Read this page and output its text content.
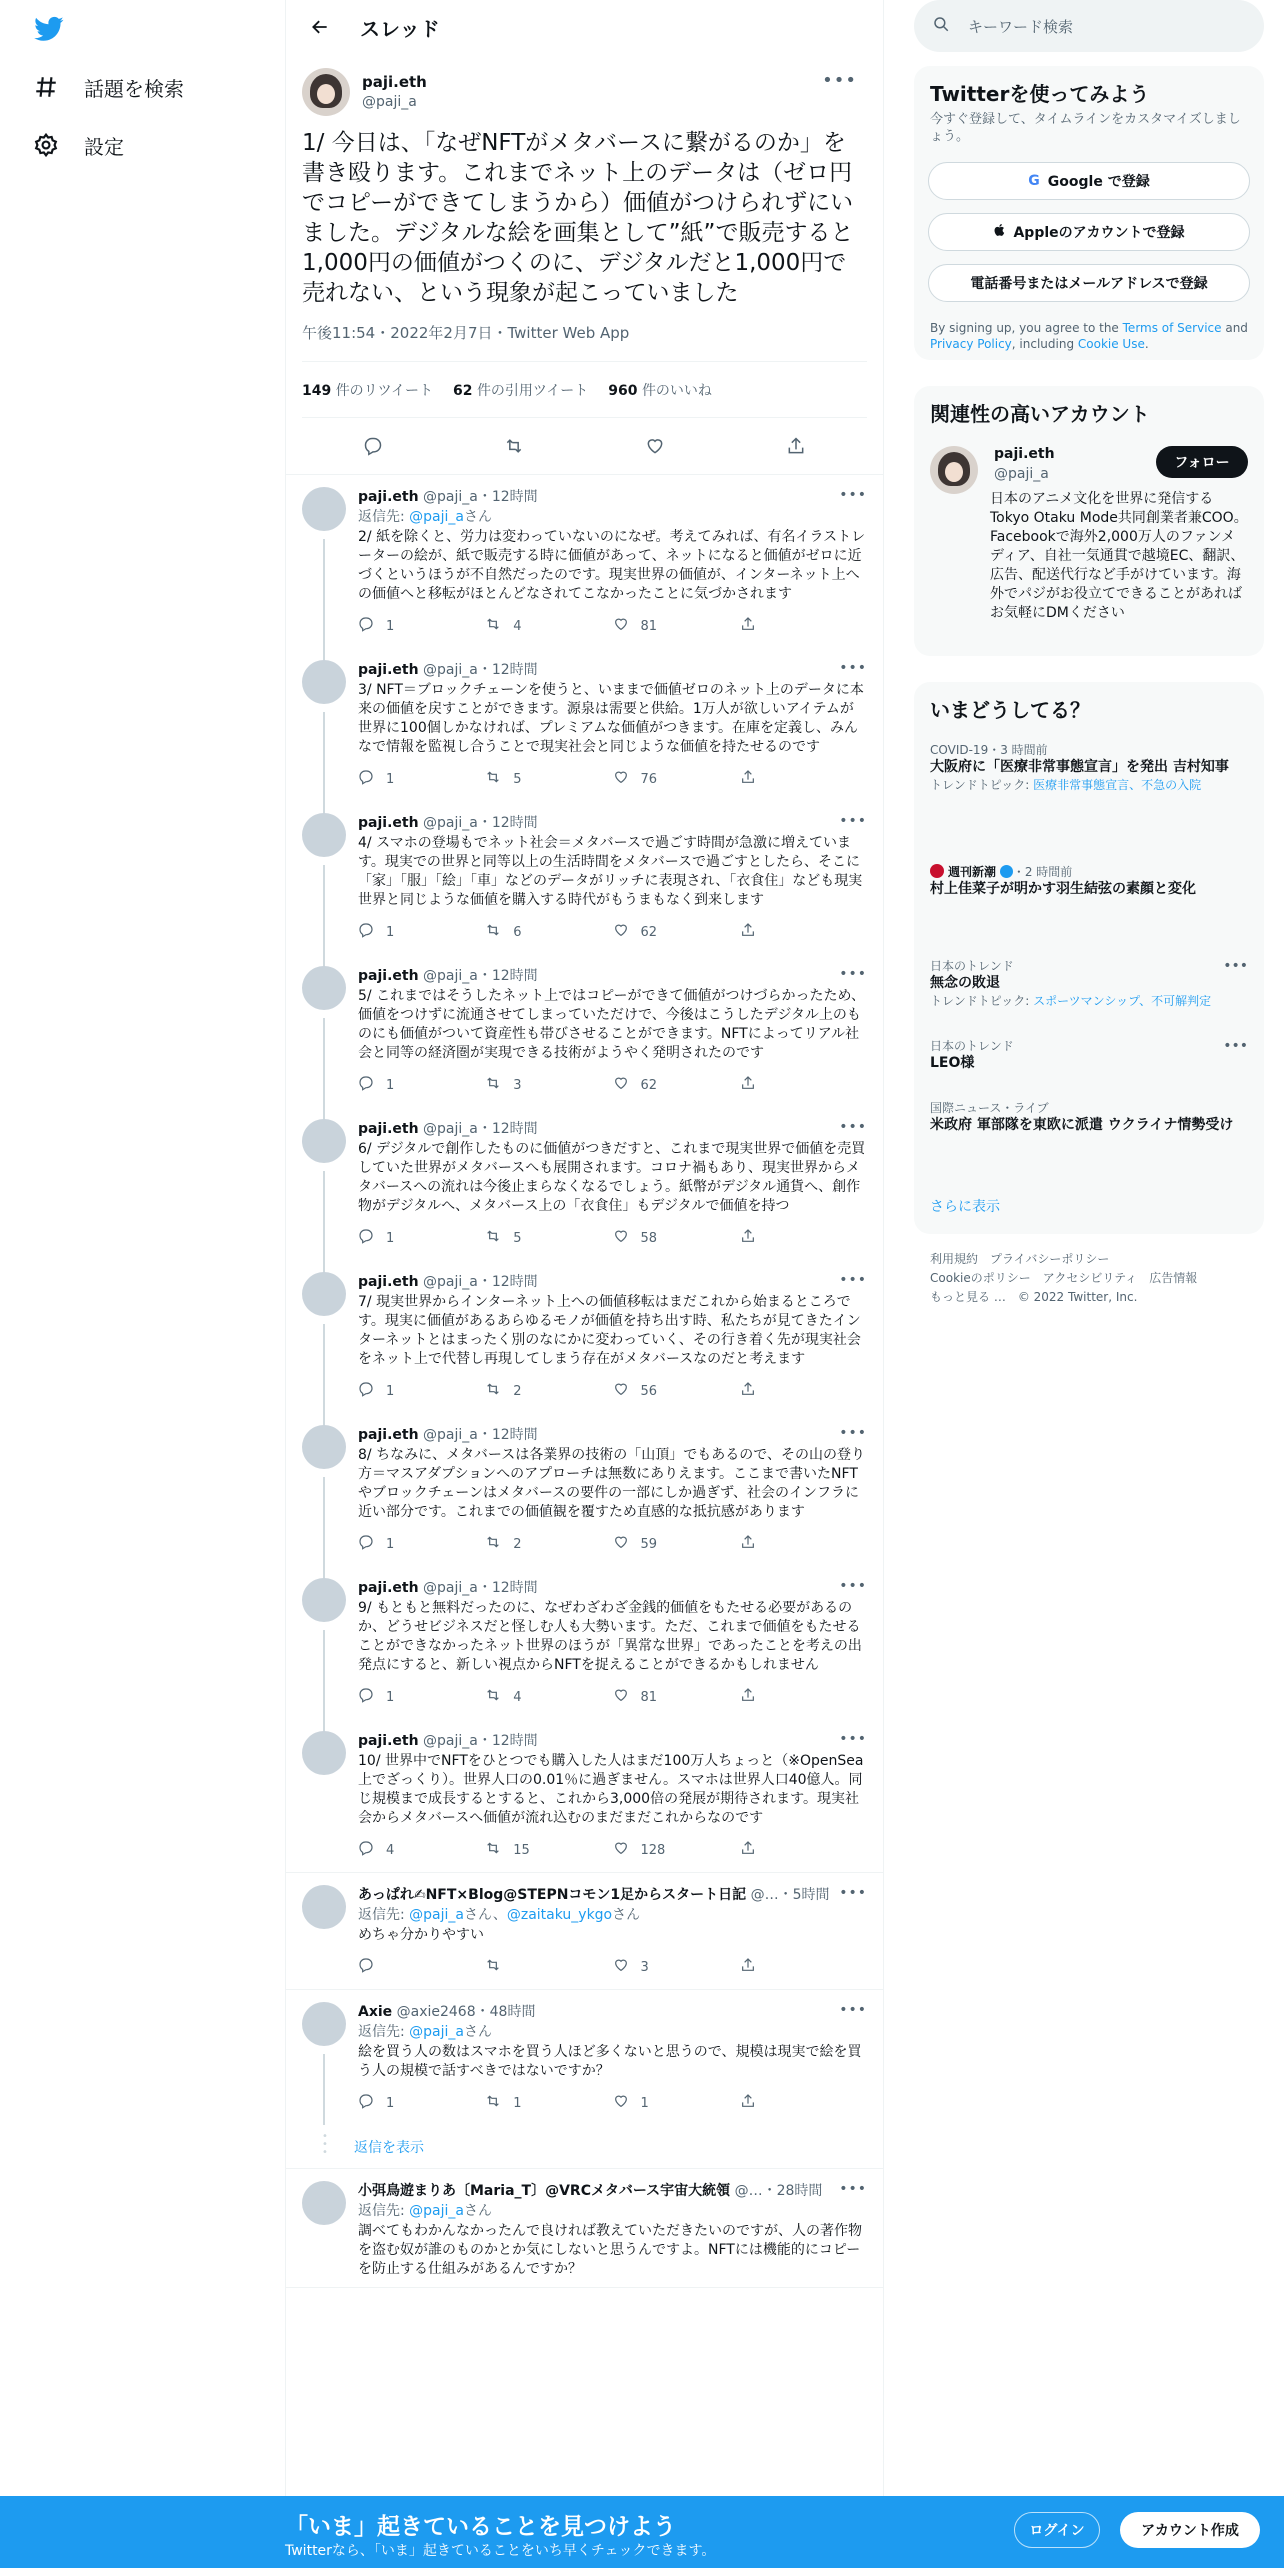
話題を検索
設定
スレッド
paji.eth
@paji_a
•••
1/ 今日は、「なぜNFTがメタバースに繋がるのか」を書き殴ります。これまでネット上のデータは（ゼロ円でコピーができてしまうから）価値がつけられずにいました。デジタルな絵を画集として”紙”で販売すると1,000円の価値がつくのに、デジタルだと1,000円で売れない、という現象が起こっていました
午後11:54・2022年2月7日・Twitter Web App
149 件のリツイート 62 件の引用ツイート 960 件のいいね
paji.eth @paji_a・12時間	•••
返信先: @paji_aさん
2/ 紙を除くと、労力は変わっていないのになぜ。考えてみれば、有名イラストレーターの絵が、紙で販売する時に価値があって、ネットになると価値がゼロに近づくというほうが不自然だったのです。現実世界の価値が、インターネット上への価値へと移転がほとんどなされてこなかったことに気づかされます
1	4	81
paji.eth @paji_a・12時間	•••
3/ NFT＝ブロックチェーンを使うと、いままで価値ゼロのネット上のデータに本来の価値を戻すことができます。源泉は需要と供給。1万人が欲しいアイテムが世界に100個しかなければ、プレミアムな価値がつきます。在庫を定義し、みんなで情報を監視し合うことで現実社会と同じような価値を持たせるのです
1	5	76
paji.eth @paji_a・12時間	•••
4/ スマホの登場もでネット社会＝メタバースで過ごす時間が急激に増えています。現実での世界と同等以上の生活時間をメタバースで過ごすとしたら、そこに「家」「服」「絵」「車」などのデータがリッチに表現され、「衣食住」なども現実世界と同じような価値を購入する時代がもうまもなく到来します
1	6	62
paji.eth @paji_a・12時間	•••
5/ これまではそうしたネット上ではコピーができて価値がつけづらかったため、価値をつけずに流通させてしまっていただけで、今後はこうしたデジタル上のものにも価値がついて資産性も帯びさせることができます。NFTによってリアル社会と同等の経済圏が実現できる技術がようやく発明されたのです
1	3	62
paji.eth @paji_a・12時間	•••
6/ デジタルで創作したものに価値がつきだすと、これまで現実世界で価値を売買していた世界がメタバースへも展開されます。コロナ禍もあり、現実世界からメタバースへの流れは今後止まらなくなるでしょう。紙幣がデジタル通貨へ、創作物がデジタルへ、メタバース上の「衣食住」もデジタルで価値を持つ
1	5	58
paji.eth @paji_a・12時間	•••
7/ 現実世界からインターネット上への価値移転はまだこれから始まるところです。現実に価値があるあらゆるモノが価値を持ち出す時、私たちが見てきたインターネットとはまったく別のなにかに変わっていく、その行き着く先が現実社会をネット上で代替し再現してしまう存在がメタバースなのだと考えます
1	2	56
paji.eth @paji_a・12時間	•••
8/ ちなみに、メタバースは各業界の技術の「山頂」でもあるので、その山の登り方＝マスアダプションへのアプローチは無数にありえます。ここまで書いたNFTやブロックチェーンはメタバースの要件の一部にしか過ぎず、社会のインフラに近い部分です。これまでの価値観を覆すため直感的な抵抗感があります
1	2	59
paji.eth @paji_a・12時間	•••
9/ もともと無料だったのに、なぜわざわざ金銭的価値をもたせる必要があるのか、どうせビジネスだと怪しむ人も大勢います。ただ、これまで価値をもたせることができなかったネット世界のほうが「異常な世界」であったことを考えの出発点にすると、新しい視点からNFTを捉えることができるかもしれません
1	4	81
paji.eth @paji_a・12時間	•••
10/ 世界中でNFTをひとつでも購入した人はまだ100万人ちょっと（※OpenSea上でざっくり）。世界人口の0.01％に過ぎません。スマホは世界人口40億人。同じ規模まで成長するとすると、これから3,000倍の発展が期待されます。現実社会からメタバースへ価値が流れ込むのまだまだこれからなのです
4	15	128
あっぱれ✍NFT×Blog@STEPNコモン1足からスタート日記 @…・5時間 •••
返信先: @paji_aさん、@zaitaku_ykgoさん
めちゃ分かりやすい
3
Axie @axie2468・48時間	•••
返信先: @paji_aさん
絵を買う人の数はスマホを買う人ほど多くないと思うので、規模は現実で絵を買う人の規模で話すべきではないですか？
1	1	1
•
•
• 返信を表示
小弭鳥遊まりあ〔Maria_T〕@VRCメタバース宇宙大統領 @…・28時間 •••
返信先: @paji_aさん
調べてもわかんなかったんで良ければ教えていただきたいのですが、人の著作物を盗む奴が誰のものかとか気にしないと思うんですよ。NFTには機能的にコピーを防止する仕組みがあるんですか？
キーワード検索
Twitterを使ってみよう
今すぐ登録して、タイムラインをカスタマイズしましょう。
G Google で登録
Appleのアカウントで登録
電話番号またはメールアドレスで登録
By signing up, you agree to the Terms of Service and Privacy Policy, including Cookie Use.
関連性の高いアカウント
paji.eth
@paji_a
フォロー
日本のアニメ文化を世界に発信するTokyo Otaku Mode共同創業者兼COO。Facebookで海外2,000万人のファンメディア、自社一気通貫で越境EC、翻訳、広告、配送代行など手がけています。海外でパジがお役立てできることがあればお気軽にDMください
いまどうしてる？
COVID-19・3 時間前
大阪府に「医療非常事態宣言」を発出 吉村知事
トレンドトピック: 医療非常事態宣言、不急の入院
週刊新潮 ・2 時間前
村上佳菜子が明かす羽生結弦の素顔と変化
日本のトレンド
無念の敗退
トレンドトピック: スポーツマンシップ、不可解判定
•••
日本のトレンド
LEO様
•••
国際ニュース・ライブ
米政府 軍部隊を東欧に派遣 ウクライナ情勢受け
さらに表示
利用規約 プライバシーポリシー
Cookieのポリシー アクセシビリティ 広告情報
もっと見る … © 2022 Twitter, Inc.
「いま」起きていることを見つけよう
Twitterなら、「いま」起きていることをいち早くチェックできます。
ログイン	アカウント作成
